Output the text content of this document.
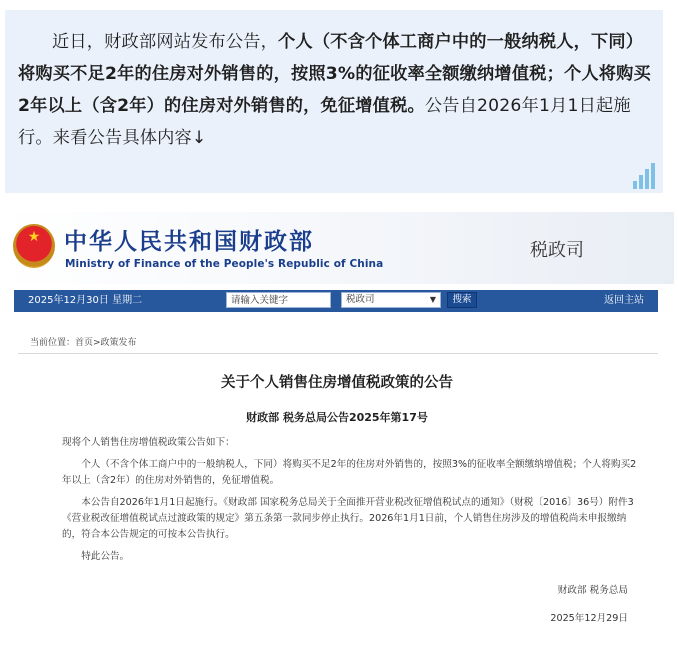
近日，财政部网站发布公告，个人（不含个体工商户中的一般纳税人，下同）将购买不足2年的住房对外销售的，按照3%的征收率全额缴纳增值税；个人将购买2年以上（含2年）的住房对外销售的，免征增值税。公告自2026年1月1日起施行。来看公告具体内容↓
★	中华人民共和国财政部
Ministry of Finance of the People's Republic of China
税政司
2025年12月30日 星期二	请输入关键字	税政司	▼	搜索	返回主站
当前位置：首页>政策发布
关于个人销售住房增值税政策的公告
财政部 税务总局公告2025年第17号

现将个人销售住房增值税政策公告如下：

个人（不含个体工商户中的一般纳税人，下同）将购买不足2年的住房对外销售的，按照3%的征收率全额缴纳增值税；个人将购买2年以上（含2年）的住房对外销售的，免征增值税。

本公告自2026年1月1日起施行。《财政部 国家税务总局关于全面推开营业税改征增值税试点的通知》（财税〔2016〕36号）附件3《营业税改征增值税试点过渡政策的规定》第五条第一款同步停止执行。2026年1月1日前，个人销售住房涉及的增值税尚未申报缴纳的，符合本公告规定的可按本公告执行。

特此公告。

财政部 税务总局
2025年12月29日
